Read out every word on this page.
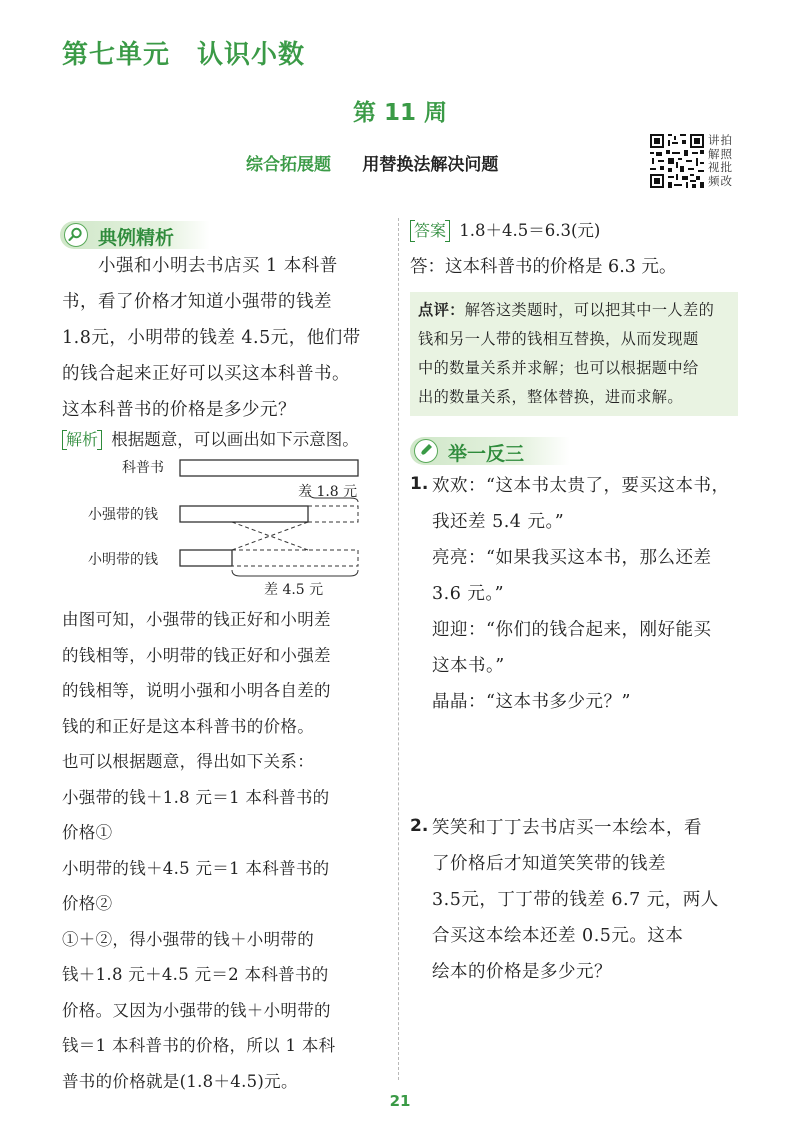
第七单元　认识小数
第 11 周
综合拓展题 用替换法解决问题
讲拍解照视批频改
典例精析

　　小强和小明去书店买 1 本科普

书，看了价格才知道小强带的钱差

1.8元，小明带的钱差 4.5元，他们带

的钱合起来正好可以买这本科普书。

这本科普书的价格是多少元？

解析 根据题意，可以画出如下示意图。
科普书
差 1.8 元
小强带的钱
小明带的钱
差 4.5 元

由图可知，小强带的钱正好和小明差

的钱相等，小明带的钱正好和小强差

的钱相等，说明小强和小明各自差的

钱的和正好是这本科普书的价格。

也可以根据题意，得出如下关系：

小强带的钱＋1.8 元＝1 本科普书的

价格①

小明带的钱＋4.5 元＝1 本科普书的

价格②

①＋②，得小强带的钱＋小明带的

钱＋1.8 元＋4.5 元＝2 本科普书的

价格。又因为小强带的钱＋小明带的

钱＝1 本科普书的价格，所以 1 本科

普书的价格就是(1.8＋4.5)元。

答案 1.8＋4.5＝6.3(元)
答：这本科普书的价格是 6.3 元。
点评：解答这类题时，可以把其中一人差的
钱和另一人带的钱相互替换，从而发现题
中的数量关系并求解；也可以根据题中给
出的数量关系，整体替换，进而求解。
举一反三
1. 欢欢：“这本书太贵了，要买这本书，

我还差 5.4 元。”

亮亮：“如果我买这本书，那么还差

3.6 元。”

迎迎：“你们的钱合起来，刚好能买

这本书。”

晶晶：“这本书多少元？”

2. 笑笑和丁丁去书店买一本绘本，看

了价格后才知道笑笑带的钱差

3.5元，丁丁带的钱差 6.7 元，两人

合买这本绘本还差 0.5元。这本

绘本的价格是多少元？

21
